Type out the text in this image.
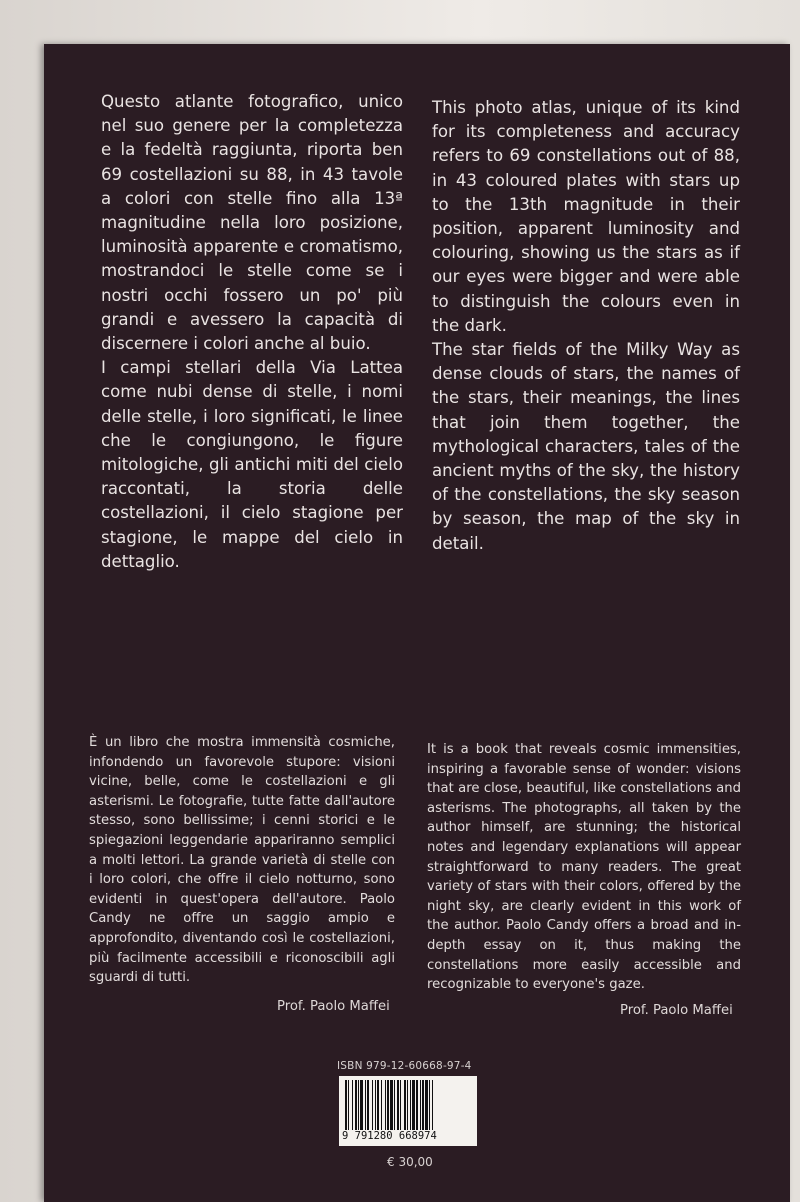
Questo atlante fotografico, unico nel suo genere per la completezza e la fedeltà raggiunta, riporta ben 69 costellazioni su 88, in 43 tavole a colori con stelle fino alla 13ª magnitudine nella loro posizione, luminosità apparente e cromatismo, mostrandoci le stelle come se i nostri occhi fossero un po' più grandi e avessero la capacità di discernere i colori anche al buio.

I campi stellari della Via Lattea come nubi dense di stelle, i nomi delle stelle, i loro significati, le linee che le congiungono, le figure mitologiche, gli antichi miti del cielo raccontati, la storia delle costellazioni, il cielo stagione per stagione, le mappe del cielo in dettaglio.

This photo atlas, unique of its kind for its completeness and accuracy refers to 69 constellations out of 88, in 43 coloured plates with stars up to the 13th magnitude in their position, apparent luminosity and colouring, showing us the stars as if our eyes were bigger and were able to distinguish the colours even in the dark.

The star fields of the Milky Way as dense clouds of stars, the names of the stars, their meanings, the lines that join them together, the mythological characters, tales of the ancient myths of the sky, the history of the constellations, the sky season by season, the map of the sky in detail.

È un libro che mostra immensità cosmiche, infondendo un favorevole stupore: visioni vicine, belle, come le costellazioni e gli asterismi. Le fotografie, tutte fatte dall'autore stesso, sono bellissime; i cenni storici e le spiegazioni leggendarie appariranno semplici a molti lettori. La grande varietà di stelle con i loro colori, che offre il cielo notturno, sono evidenti in quest'opera dell'autore. Paolo Candy ne offre un saggio ampio e approfondito, diventando così le costellazioni, più facilmente accessibili e riconoscibili agli sguardi di tutti.

Prof. Paolo Maffei

It is a book that reveals cosmic immensities, inspiring a favorable sense of wonder: visions that are close, beautiful, like constellations and asterisms. The photographs, all taken by the author himself, are stunning; the historical notes and legendary explanations will appear straightforward to many readers. The great variety of stars with their colors, offered by the night sky, are clearly evident in this work of the author. Paolo Candy offers a broad and in-depth essay on it, thus making the constellations more easily accessible and recognizable to everyone's gaze.

Prof. Paolo Maffei
ISBN 979-12-60668-97-4
9 791280 668974
€ 30,00
